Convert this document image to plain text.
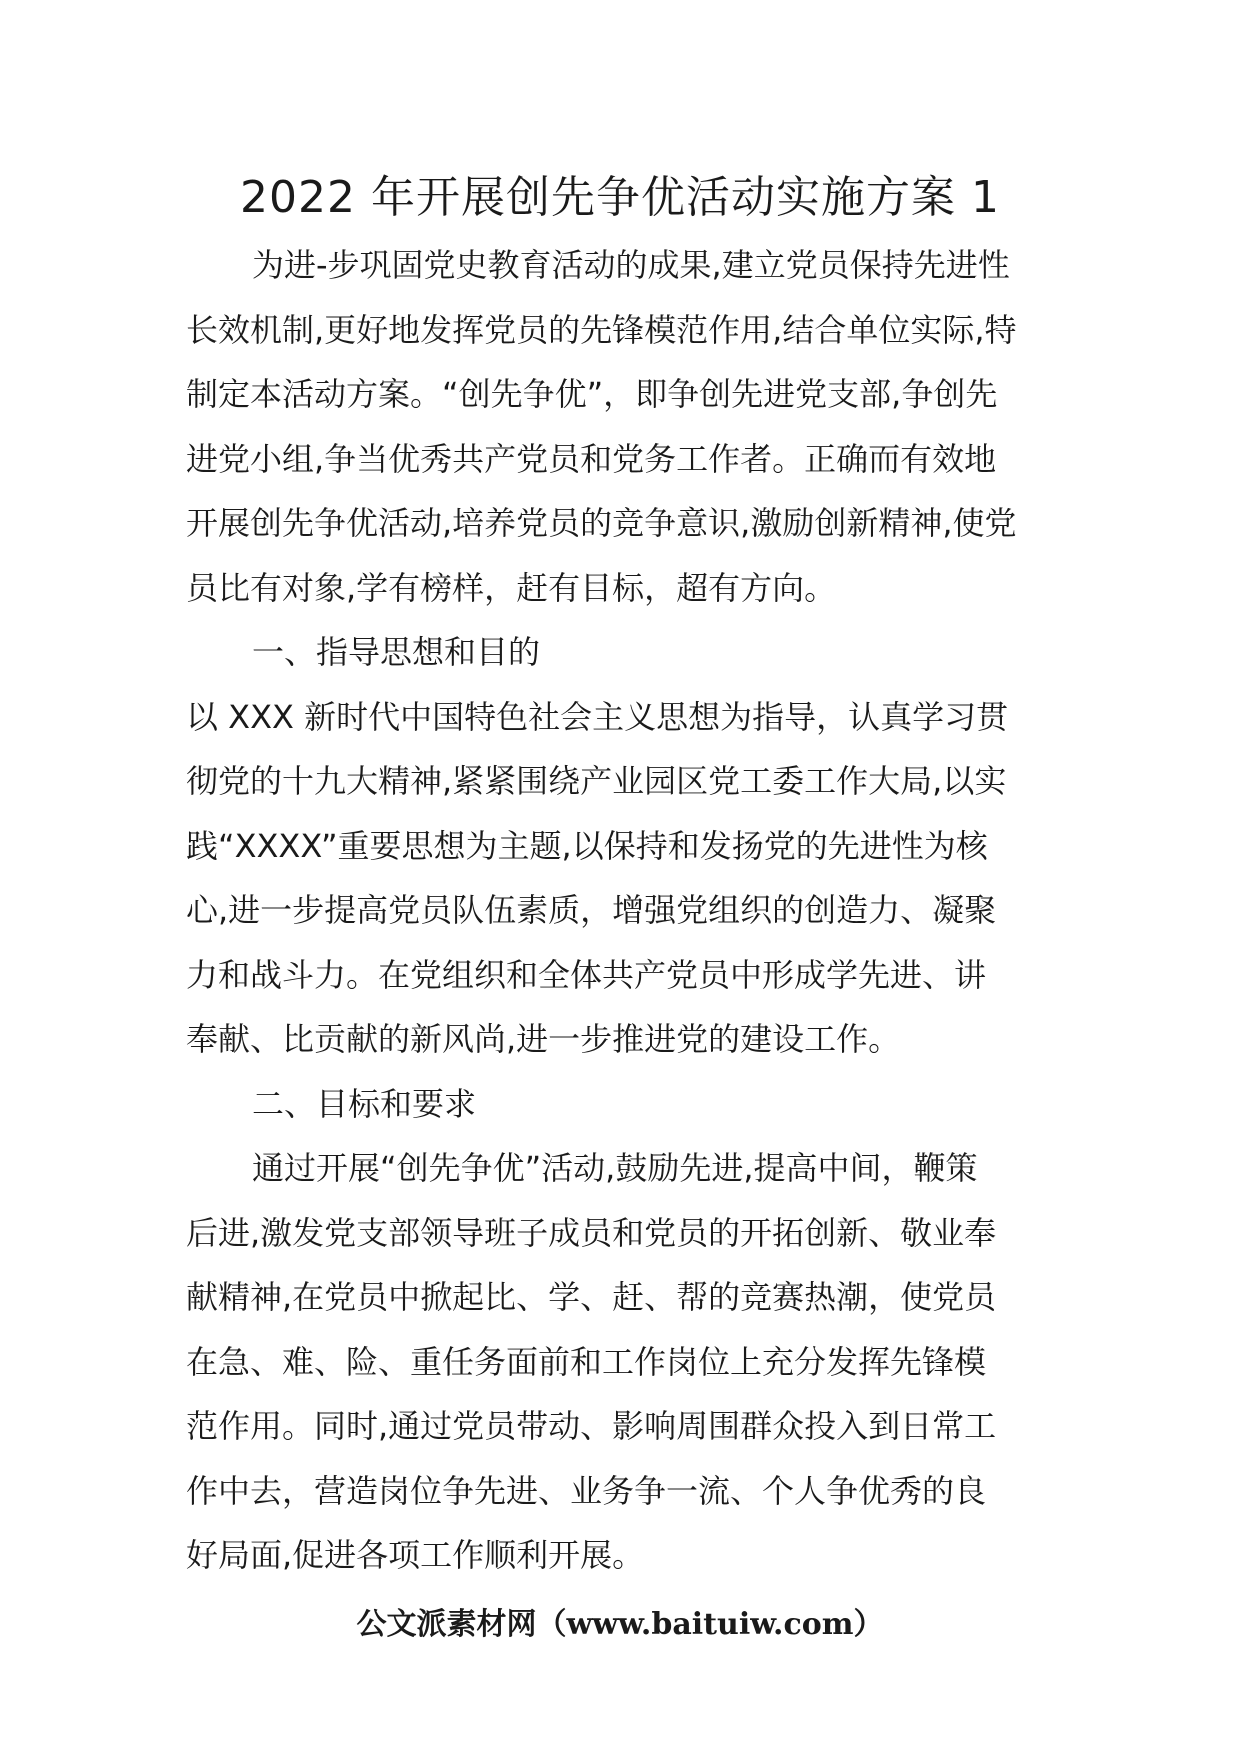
2022 年开展创先争优活动实施方案 1
为进-步巩固党史教育活动的成果,建立党员保持先进性
长效机制,更好地发挥党员的先锋模范作用,结合单位实际,特
制定本活动方案。“创先争优”，即争创先进党支部,争创先
进党小组,争当优秀共产党员和党务工作者。正确而有效地
开展创先争优活动,培养党员的竞争意识,激励创新精神,使党
员比有对象,学有榜样，赶有目标，超有方向。
一、指导思想和目的
以 XXX 新时代中国特色社会主义思想为指导，认真学习贯
彻党的十九大精神,紧紧围绕产业园区党工委工作大局,以实
践“XXXX”重要思想为主题,以保持和发扬党的先进性为核
心,进一步提高党员队伍素质，增强党组织的创造力、凝聚
力和战斗力。在党组织和全体共产党员中形成学先进、讲
奉献、比贡献的新风尚,进一步推进党的建设工作。
二、目标和要求
通过开展“创先争优”活动,鼓励先进,提高中间，鞭策
后进,激发党支部领导班子成员和党员的开拓创新、敬业奉
献精神,在党员中掀起比、学、赶、帮的竞赛热潮，使党员
在急、难、险、重任务面前和工作岗位上充分发挥先锋模
范作用。同时,通过党员带动、影响周围群众投入到日常工
作中去，营造岗位争先进、业务争一流、个人争优秀的良
好局面,促进各项工作顺利开展。
公文派素材网（www.baituiw.com）
